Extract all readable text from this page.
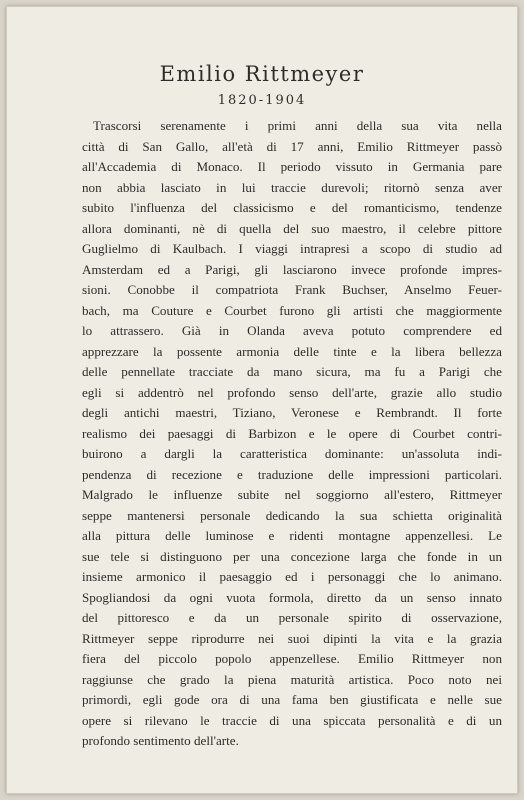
Emilio Rittmeyer
1820-1904
Trascorsi serenamente i primi anni della sua vita nella
città di San Gallo, all'età di 17 anni, Emilio Rittmeyer passò
all'Accademia di Monaco. Il periodo vissuto in Germania pare
non abbia lasciato in lui traccie durevoli; ritornò senza aver
subito l'influenza del classicismo e del romanticismo, tendenze
allora dominanti, nè di quella del suo maestro, il celebre pittore
Guglielmo di Kaulbach. I viaggi intrapresi a scopo di studio ad
Amsterdam ed a Parigi, gli lasciarono invece profonde impres-
sioni. Conobbe il compatriota Frank Buchser, Anselmo Feuer-
bach, ma Couture e Courbet furono gli artisti che maggiormente
lo attrassero. Già in Olanda aveva potuto comprendere ed
apprezzare la possente armonia delle tinte e la libera bellezza
delle pennellate tracciate da mano sicura, ma fu a Parigi che
egli si addentrò nel profondo senso dell'arte, grazie allo studio
degli antichi maestri, Tiziano, Veronese e Rembrandt. Il forte
realismo dei paesaggi di Barbizon e le opere di Courbet contri-
buirono a dargli la caratteristica dominante: un'assoluta indi-
pendenza di recezione e traduzione delle impressioni particolari.
Malgrado le influenze subite nel soggiorno all'estero, Rittmeyer
seppe mantenersi personale dedicando la sua schietta originalità
alla pittura delle luminose e ridenti montagne appenzellesi. Le
sue tele si distinguono per una concezione larga che fonde in un
insieme armonico il paesaggio ed i personaggi che lo animano.
Spogliandosi da ogni vuota formola, diretto da un senso innato
del pittoresco e da un personale spirito di osservazione,
Rittmeyer seppe riprodurre nei suoi dipinti la vita e la grazia
fiera del piccolo popolo appenzellese. Emilio Rittmeyer non
raggiunse che grado la piena maturità artistica. Poco noto nei
primordi, egli gode ora di una fama ben giustificata e nelle sue
opere si rilevano le traccie di una spiccata personalità e di un
profondo sentimento dell'arte.
